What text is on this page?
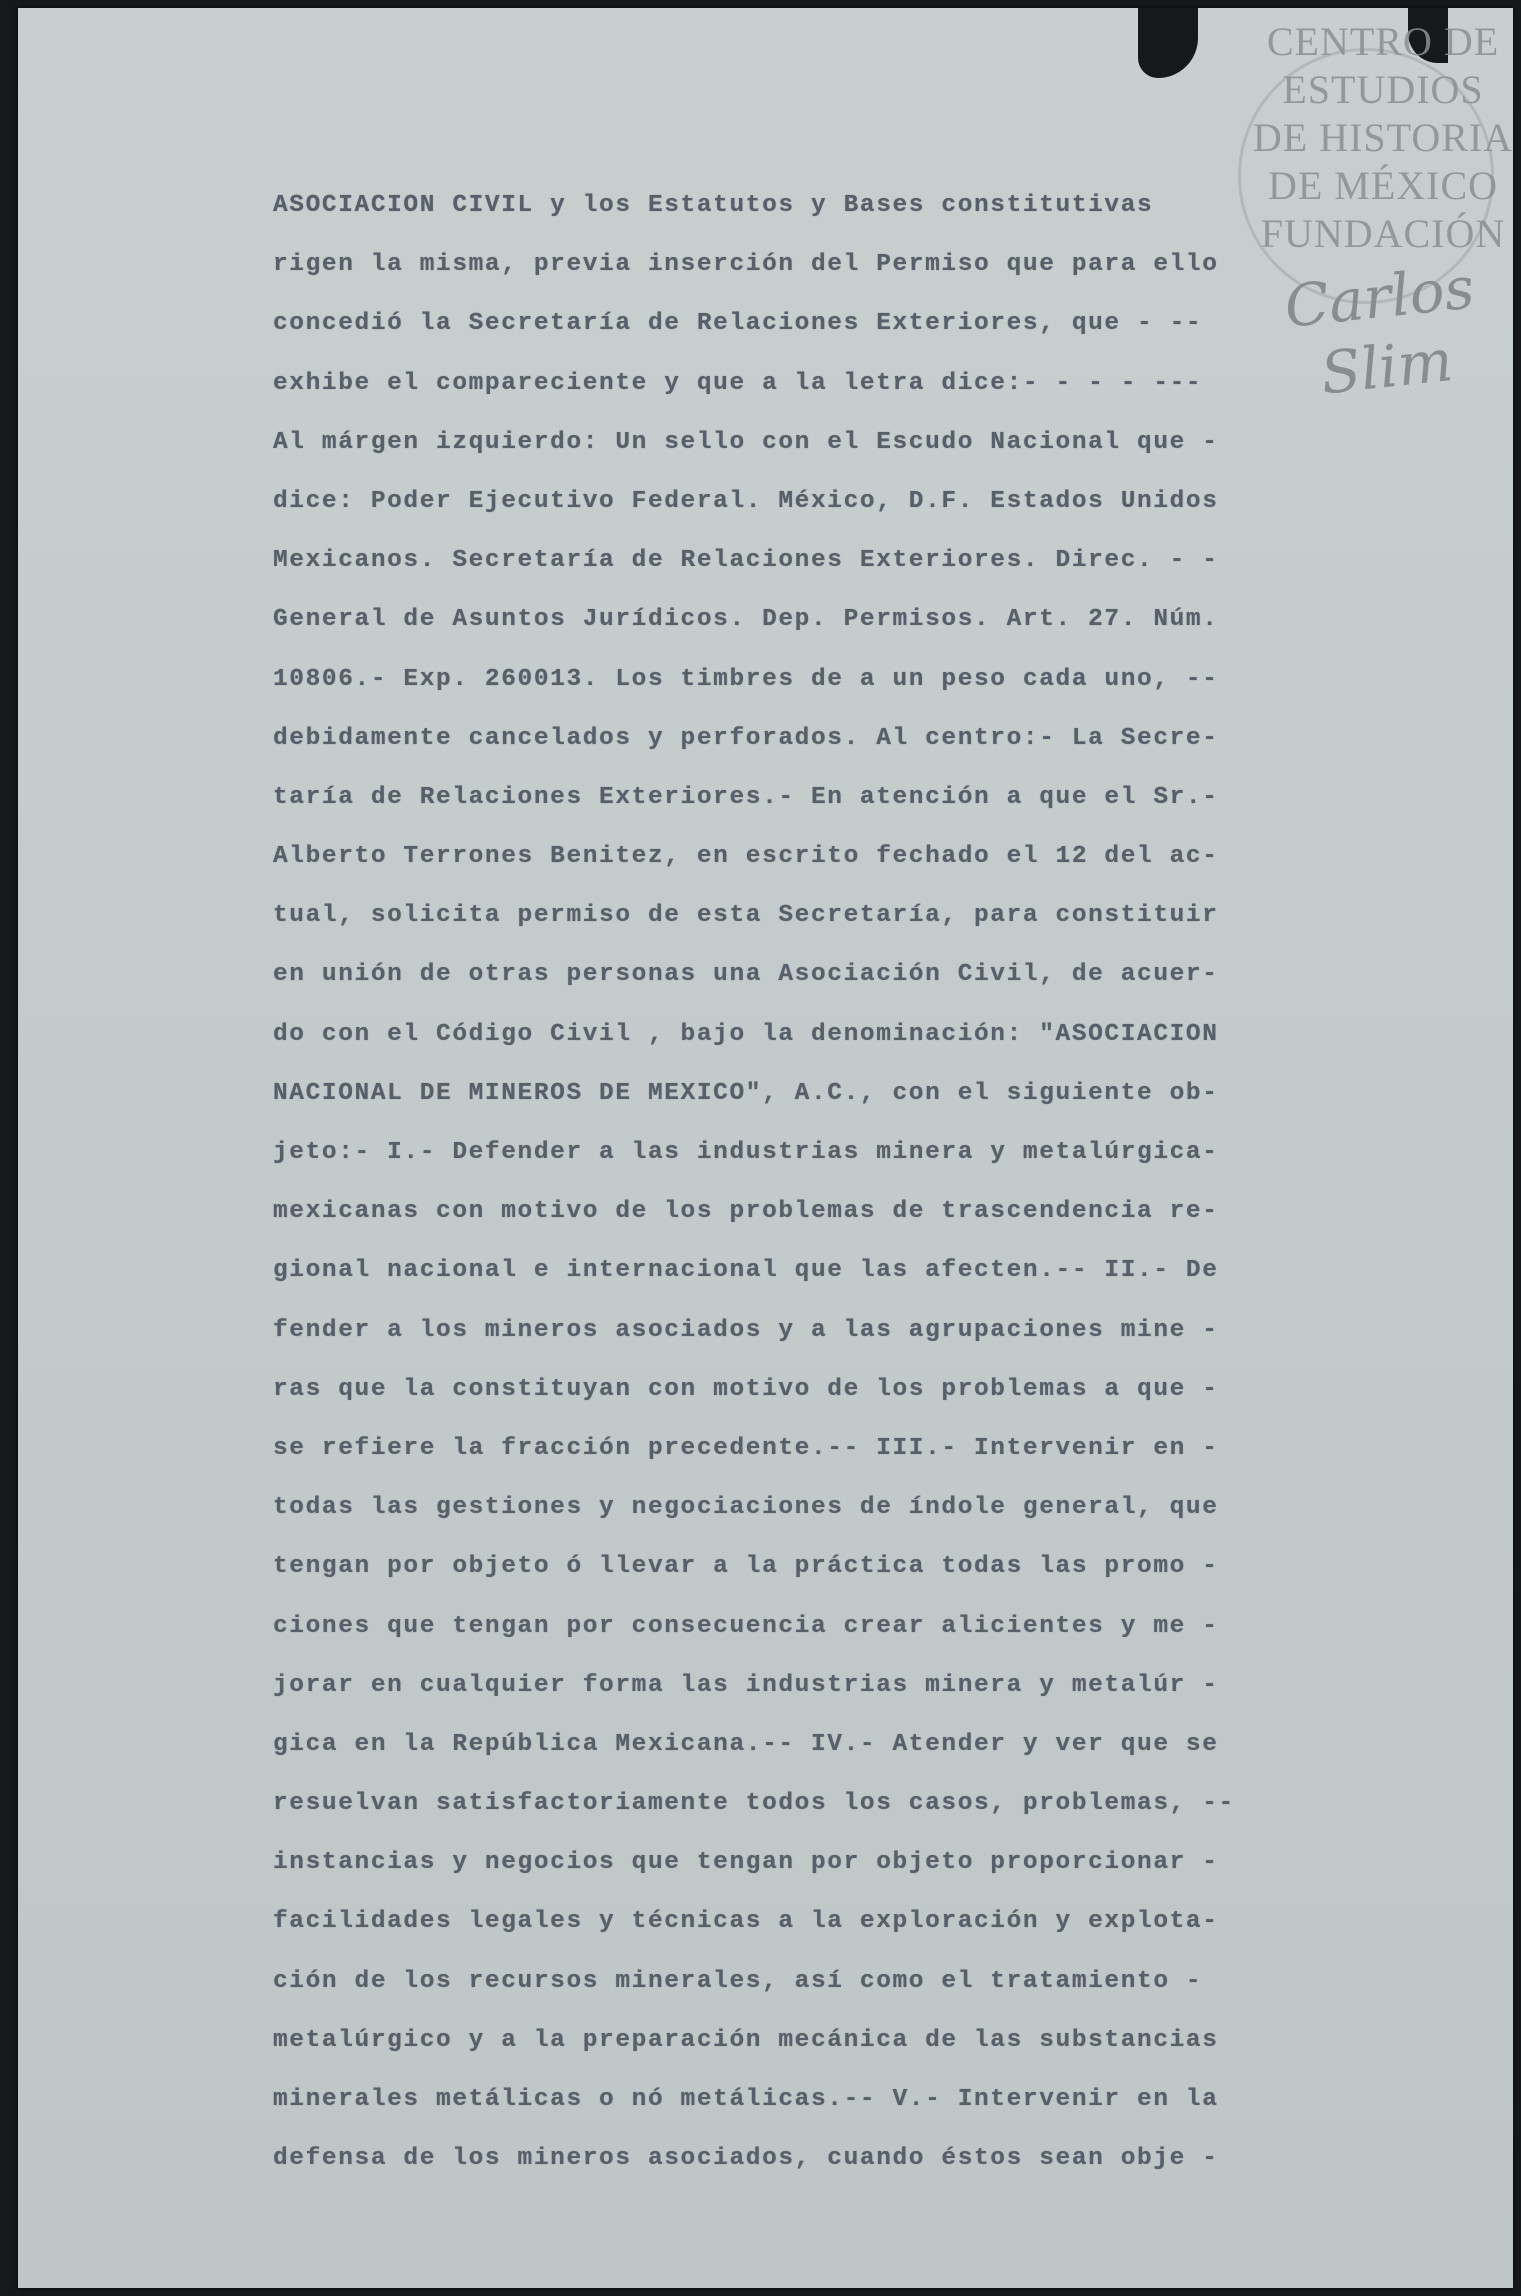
CENTRO DE
ESTUDIOS
DE HISTORIA
DE MÉXICO
FUNDACIÓN
Carlos Slim
ASOCIACION CIVIL y los Estatutos y Bases constitutivas
rigen la misma, previa inserción del Permiso que para ello
concedió la Secretaría de Relaciones Exteriores, que - --
exhibe el compareciente y que a la letra dice:- - - - ---
Al márgen izquierdo: Un sello con el Escudo Nacional que -
dice: Poder Ejecutivo Federal. México, D.F. Estados Unidos
Mexicanos. Secretaría de Relaciones Exteriores. Direc. - -
General de Asuntos Jurídicos. Dep. Permisos. Art. 27. Núm.
10806.- Exp. 260013. Los timbres de a un peso cada uno, --
debidamente cancelados y perforados. Al centro:- La Secre-
taría de Relaciones Exteriores.- En atención a que el Sr.-
Alberto Terrones Benitez, en escrito fechado el 12 del ac-
tual, solicita permiso de esta Secretaría, para constituir
en unión de otras personas una Asociación Civil, de acuer-
do con el Código Civil , bajo la denominación: "ASOCIACION
NACIONAL DE MINEROS DE MEXICO", A.C., con el siguiente ob-
jeto:- I.- Defender a las industrias minera y metalúrgica-
mexicanas con motivo de los problemas de trascendencia re-
gional nacional e internacional que las afecten.-- II.- De
fender a los mineros asociados y a las agrupaciones mine -
ras que la constituyan con motivo de los problemas a que -
se refiere la fracción precedente.-- III.- Intervenir en -
todas las gestiones y negociaciones de índole general, que
tengan por objeto ó llevar a la práctica todas las promo -
ciones que tengan por consecuencia crear alicientes y me -
jorar en cualquier forma las industrias minera y metalúr -
gica en la República Mexicana.-- IV.- Atender y ver que se
resuelvan satisfactoriamente todos los casos, problemas, --
instancias y negocios que tengan por objeto proporcionar -
facilidades legales y técnicas a la exploración y explota-
ción de los recursos minerales, así como el tratamiento -
metalúrgico y a la preparación mecánica de las substancias
minerales metálicas o nó metálicas.-- V.- Intervenir en la
defensa de los mineros asociados, cuando éstos sean obje -
